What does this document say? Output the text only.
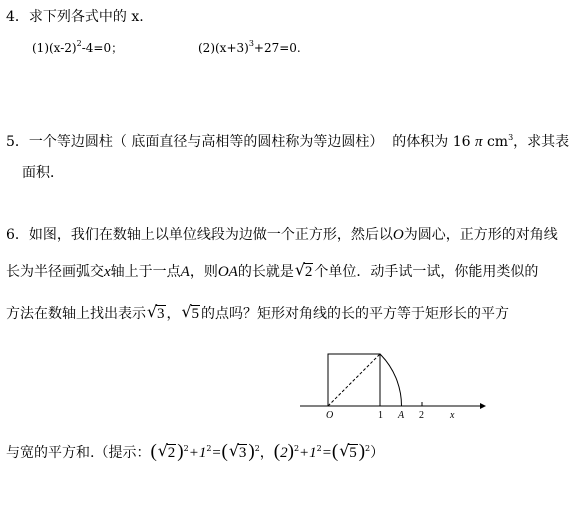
4．求下列各式中的 x.
$(1)(x-2)^2-4=0$；	$(2)(x+3)^3+27=0$.
5．一个等边圆柱（ 底面直径与高相等的圆柱称为等边圆柱）  的体积为 16 π $cm^3$，求其表
面积．
6．如图，我们在数轴上以单位线段为边做一个正方形，然后以O为圆心，正方形的对角线
长为半径画弧交x轴上于一点A，则OA的长就是 √ 2 个单位．动手试一试，你能用类似的
方法在数轴上找出表示 √ 3 ， √ 5 的点吗？矩形对角线的长的平方等于矩形长的平方
O	1 A 2	x
与宽的平方和.（提示：( √ 2 )$^2+1^2=$( √ 3 )$^2$，$(2)^2+1^2=$( √ 5 )$^2$）
